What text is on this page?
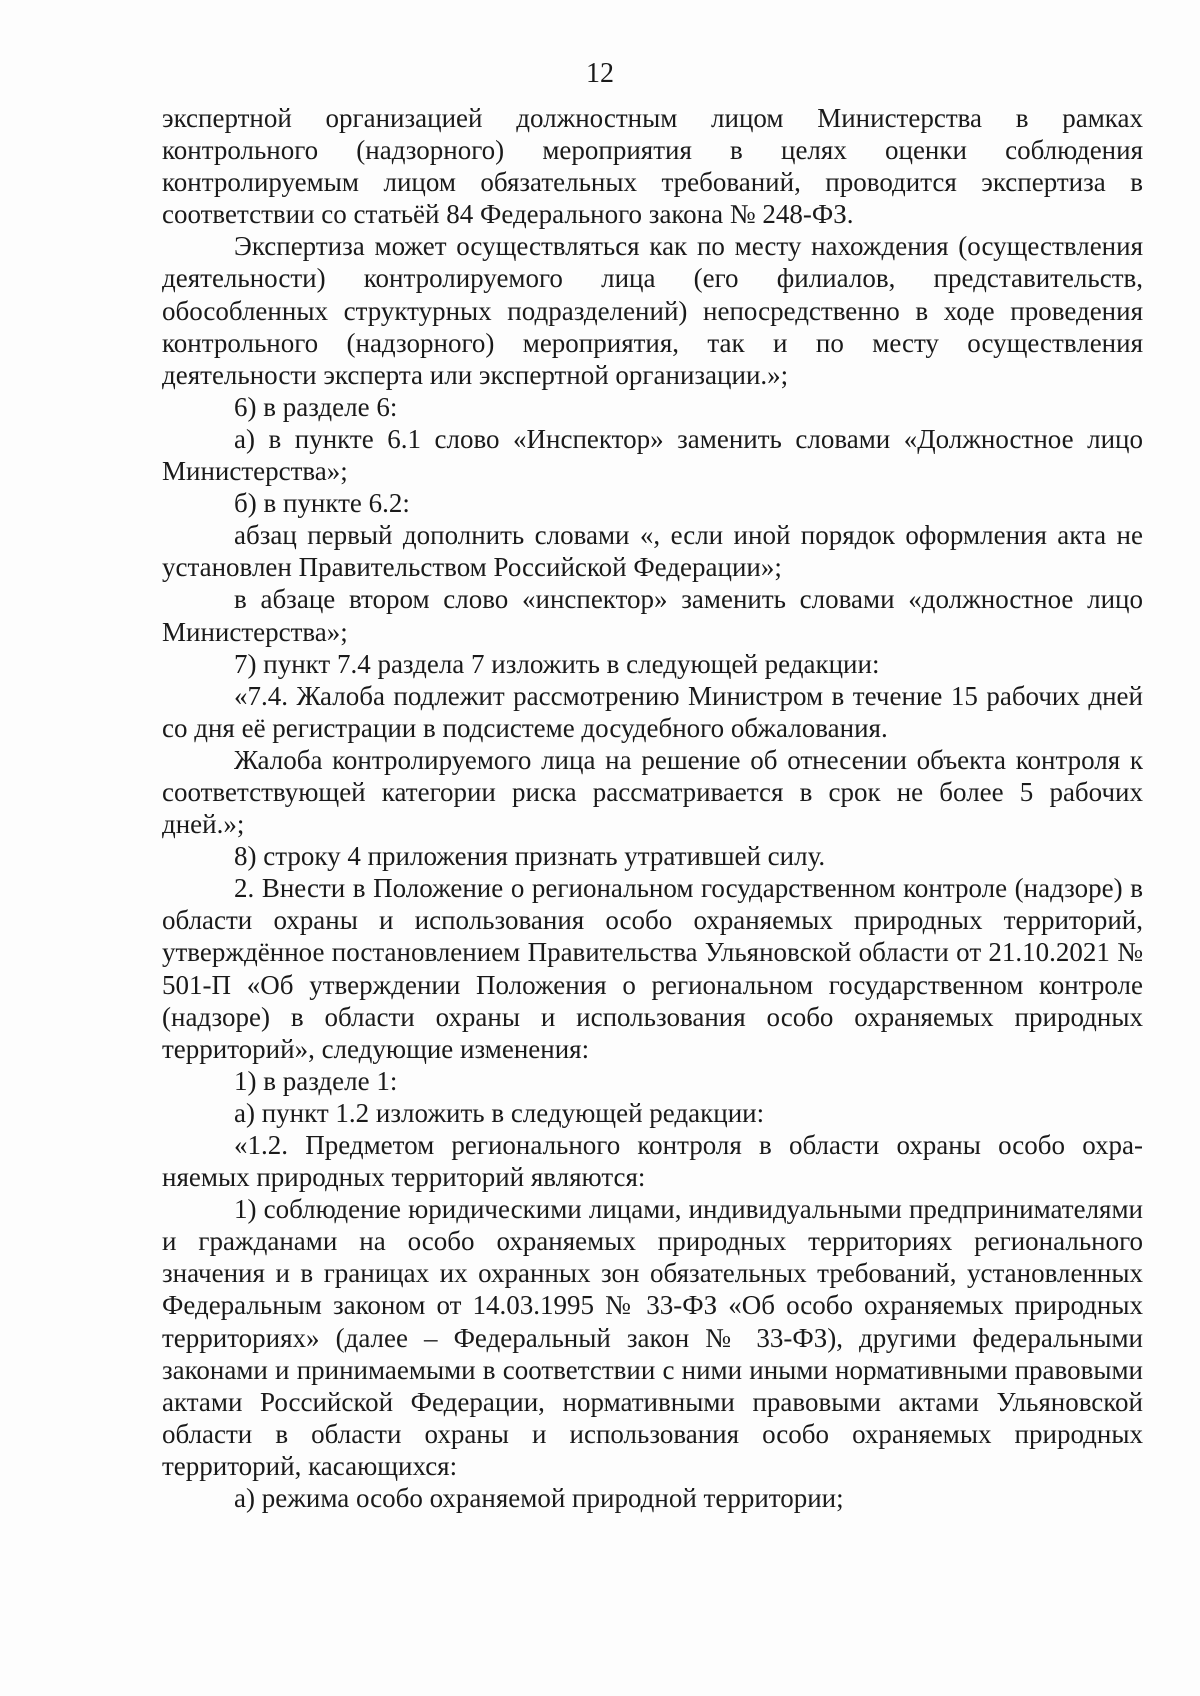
12

экспертной организацией должностным лицом Министерства в рамках контрольного (надзорного) мероприятия в целях оценки соблюдения контролируемым лицом обязательных требований, проводится экспертиза в соответствии со статьёй 84 Федерального закона № 248-ФЗ.

Экспертиза может осуществляться как по месту нахождения (осуществления деятельности) контролируемого лица (его филиалов, представительств, обособленных структурных подразделений) непосредственно в ходе проведения контрольного (надзорного) мероприятия, так и по месту осуществления деятельности эксперта или экспертной организации.»;

6) в разделе 6:

а) в пункте 6.1 слово «Инспектор» заменить словами «Должностное лицо Министерства»;

б) в пункте 6.2:

абзац первый дополнить словами «, если иной порядок оформления акта не установлен Правительством Российской Федерации»;

в абзаце втором слово «инспектор» заменить словами «должностное лицо Министерства»;

7) пункт 7.4 раздела 7 изложить в следующей редакции:

«7.4. Жалоба подлежит рассмотрению Министром в течение 15 рабочих дней со дня её регистрации в подсистеме досудебного обжалования.

Жалоба контролируемого лица на решение об отнесении объекта контроля к соответствующей категории риска рассматривается в срок не более 5 рабочих дней.»;

8) строку 4 приложения признать утратившей силу.

2. Внести в Положение о региональном государственном контроле (надзоре) в области охраны и использования особо охраняемых природных территорий, утверждённое постановлением Правительства Ульяновской области от 21.10.2021 № 501-П «Об утверждении Положения о региональном государственном контроле (надзоре) в области охраны и использования особо охраняемых природных территорий», следующие изменения:

1) в разделе 1:

а) пункт 1.2 изложить в следующей редакции:

«1.2. Предметом регионального контроля в области охраны особо охра-няемых природных территорий являются:

1) соблюдение юридическими лицами, индивидуальными предпринимателями и гражданами на особо охраняемых природных территориях регионального значения и в границах их охранных зон обязательных требований, установленных Федеральным законом от 14.03.1995 № 33-ФЗ «Об особо охраняемых природных территориях» (далее – Федеральный закон № 33-ФЗ), другими федеральными законами и принимаемыми в соответствии с ними иными нормативными правовыми актами Российской Федерации, нормативными правовыми актами Ульяновской области в области охраны и использования особо охраняемых природных территорий, касающихся:

а) режима особо охраняемой природной территории;
